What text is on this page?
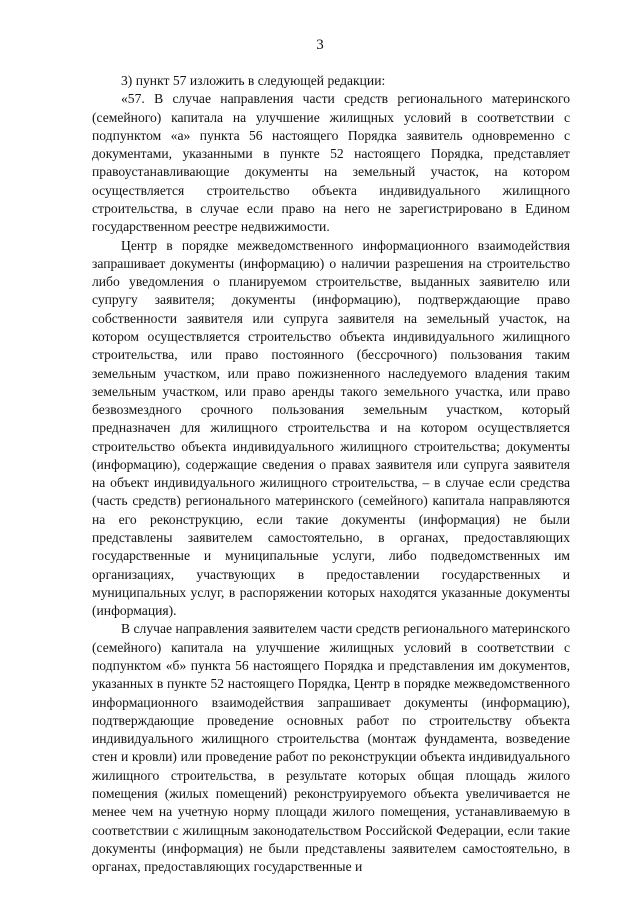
3

3) пункт 57 изложить в следующей редакции:

«57. В случае направления части средств регионального материнского (семейного) капитала на улучшение жилищных условий в соответствии с подпунктом «а» пункта 56 настоящего Порядка заявитель одновременно с документами, указанными в пункте 52 настоящего Порядка, представляет правоустанавливающие документы на земельный участок, на котором осуществляется строительство объекта индивидуального жилищного строительства, в случае если право на него не зарегистрировано в Едином государственном реестре недвижимости.

Центр в порядке межведомственного информационного взаимодействия запрашивает документы (информацию) о наличии разрешения на строительство либо уведомления о планируемом строительстве, выданных заявителю или супругу заявителя; документы (информацию), подтверждающие право собственности заявителя или супруга заявителя на земельный участок, на котором осуществляется строительство объекта индивидуального жилищного строительства, или право постоянного (бессрочного) пользования таким земельным участком, или право пожизненного наследуемого владения таким земельным участком, или право аренды такого земельного участка, или право безвозмездного срочного пользования земельным участком, который предназначен для жилищного строительства и на котором осуществляется строительство объекта индивидуального жилищного строительства; документы (информацию), содержащие сведения о правах заявителя или супруга заявителя на объект индивидуального жилищного строительства, – в случае если средства (часть средств) регионального материнского (семейного) капитала направляются на его реконструкцию, если такие документы (информация) не были представлены заявителем самостоятельно, в органах, предоставляющих государственные и муниципальные услуги, либо подведомственных им организациях, участвующих в предоставлении государственных и муниципальных услуг, в распоряжении которых находятся указанные документы (информация).

В случае направления заявителем части средств регионального материнского (семейного) капитала на улучшение жилищных условий в соответствии с подпунктом «б» пункта 56 настоящего Порядка и представления им документов, указанных в пункте 52 настоящего Порядка, Центр в порядке межведомственного информационного взаимодействия запрашивает документы (информацию), подтверждающие проведение основных работ по строительству объекта индивидуального жилищного строительства (монтаж фундамента, возведение стен и кровли) или проведение работ по реконструкции объекта индивидуального жилищного строительства, в результате которых общая площадь жилого помещения (жилых помещений) реконструируемого объекта увеличивается не менее чем на учетную норму площади жилого помещения, устанавливаемую в соответствии с жилищным законодательством Российской Федерации, если такие документы (информация) не были представлены заявителем самостоятельно, в органах, предоставляющих государственные и
